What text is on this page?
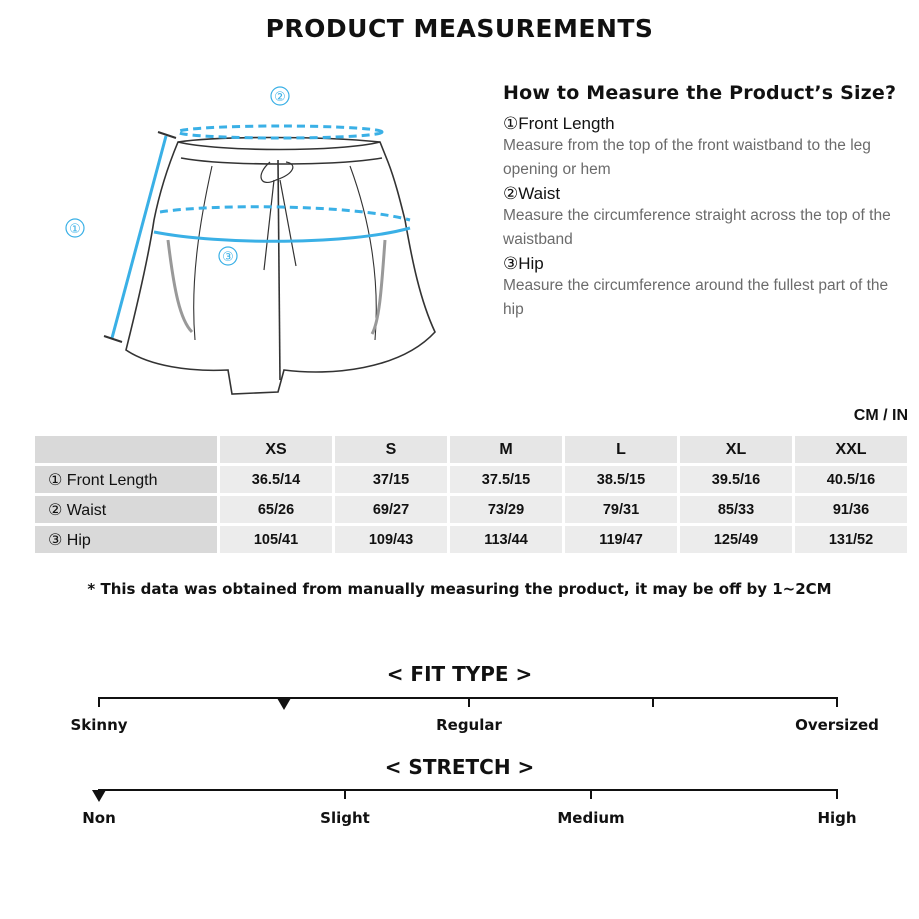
PRODUCT MEASUREMENTS
②
①
③
How to Measure the Product’s Size?

①Front Length

Measure from the top of the front waistband to the leg opening or hem

②Waist

Measure the circumference straight across the top of the waistband

③Hip

Measure the circumference around the fullest part of the hip

CM / IN
	XS	S	M	L	XL	XXL
① Front Length	36.5/14	37/15	37.5/15	38.5/15	39.5/16	40.5/16
② Waist	65/26	69/27	73/29	79/31	85/33	91/36
③ Hip	105/41	109/43	113/44	119/47	125/49	131/52
* This data was obtained from manually measuring the product, it may be off by 1~2CM
< FIT TYPE >
Skinny	Regular	Oversized
< STRETCH >
Non	Slight	Medium	High
